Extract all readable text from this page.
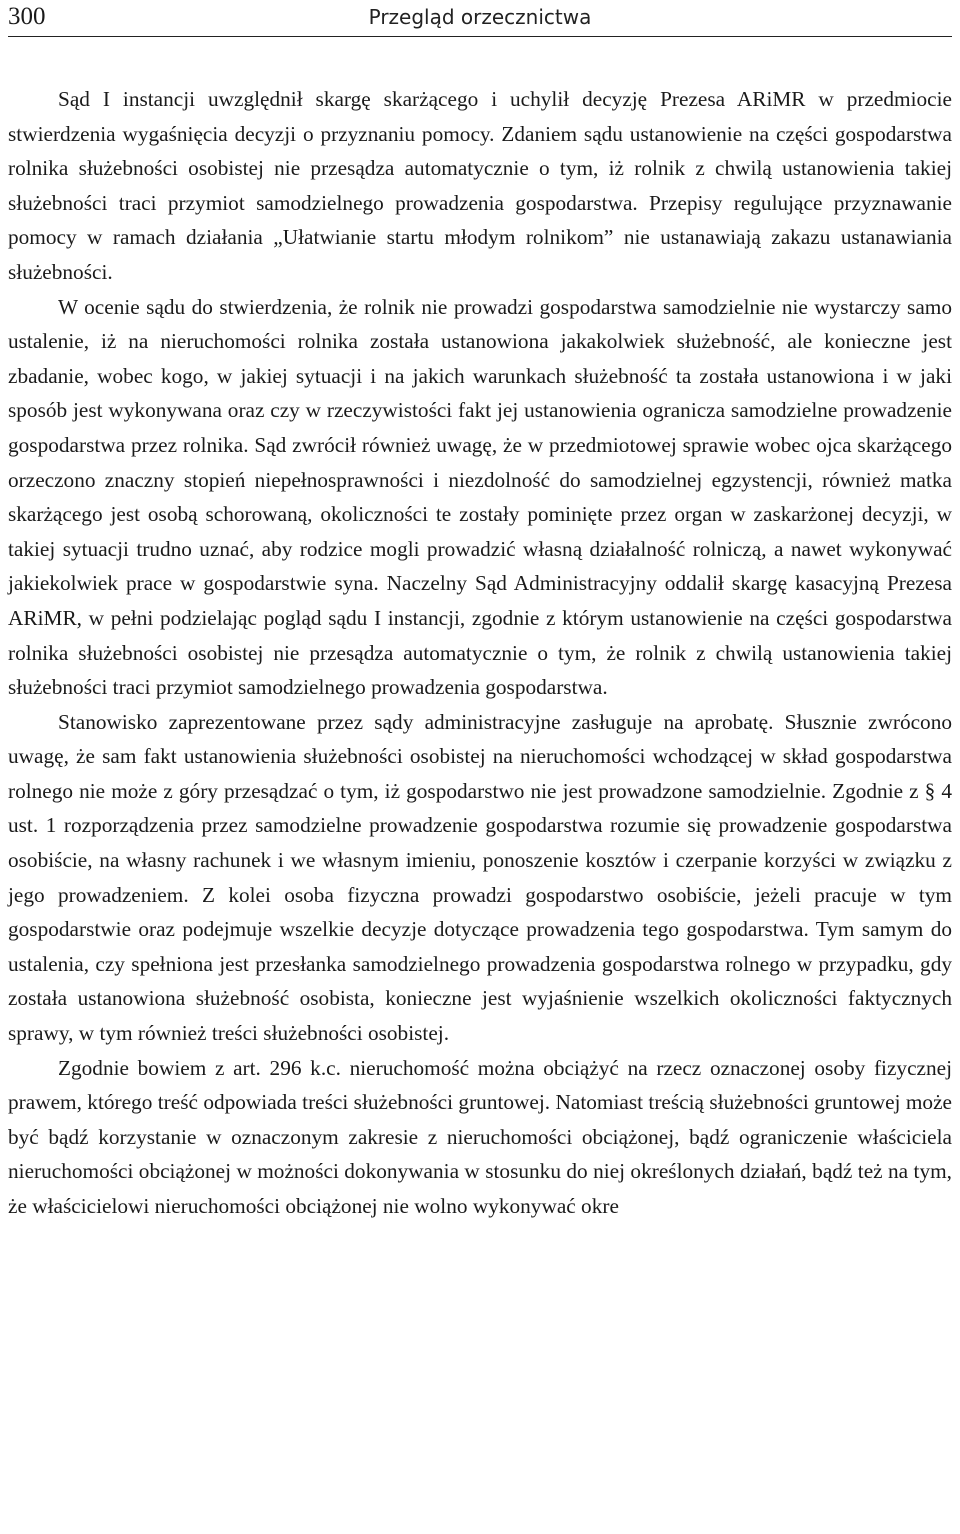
300	Przegląd orzecznictwa

Sąd I instancji uwzględnił skargę skarżącego i uchylił decyzję Prezesa ARiMR w przedmiocie stwierdzenia wygaśnięcia decyzji o przyznaniu pomocy. Zdaniem sądu ustanowienie na części gospodarstwa rolnika służebności osobistej nie przesądza automatycznie o tym, iż rolnik z chwilą ustanowienia takiej służebności traci przymiot samodzielnego prowadzenia gospodarstwa. Przepisy regulujące przyznawanie pomocy w ramach działania „Ułatwianie startu młodym rolnikom” nie ustanawiają zakazu ustanawiania służebności.

W ocenie sądu do stwierdzenia, że rolnik nie prowadzi gospodarstwa samodzielnie nie wystarczy samo ustalenie, iż na nieruchomości rolnika została ustanowiona jakakolwiek służebność, ale konieczne jest zbadanie, wobec kogo, w jakiej sytuacji i na jakich warunkach służebność ta została ustanowiona i w jaki sposób jest wykonywana oraz czy w rzeczywistości fakt jej ustanowienia ogranicza samodzielne prowadzenie gospodarstwa przez rolnika. Sąd zwrócił również uwagę, że w przedmiotowej sprawie wobec ojca skarżącego orzeczono znaczny stopień niepełnosprawności i niezdolność do samodzielnej egzystencji, również matka skarżącego jest osobą schorowaną, okoliczności te zostały pominięte przez organ w zaskarżonej decyzji, w takiej sytuacji trudno uznać, aby rodzice mogli prowadzić własną działalność rolniczą, a nawet wykonywać jakiekolwiek prace w gospodarstwie syna. Naczelny Sąd Administracyjny oddalił skargę kasacyjną Prezesa ARiMR, w pełni podzielając pogląd sądu I instancji, zgodnie z którym ustanowienie na części gospodarstwa rolnika służebności osobistej nie przesądza automatycznie o tym, że rolnik z chwilą ustanowienia takiej służebności traci przymiot samodzielnego prowadzenia gospodarstwa.

Stanowisko zaprezentowane przez sądy administracyjne zasługuje na aprobatę. Słusznie zwrócono uwagę, że sam fakt ustanowienia służebności osobistej na nieruchomości wchodzącej w skład gospodarstwa rolnego nie może z góry przesądzać o tym, iż gospodarstwo nie jest prowadzone samodzielnie. Zgodnie z § 4 ust. 1 rozporządzenia przez samodzielne prowadzenie gospodarstwa rozumie się prowadzenie gospodarstwa osobiście, na własny rachunek i we własnym imieniu, ponoszenie kosztów i czerpanie korzyści w związku z jego prowadzeniem. Z kolei osoba fizyczna prowadzi gospodarstwo osobiście, jeżeli pracuje w tym gospodarstwie oraz podejmuje wszelkie decyzje dotyczące prowadzenia tego gospodarstwa. Tym samym do ustalenia, czy spełniona jest przesłanka samodzielnego prowadzenia gospodarstwa rolnego w przypadku, gdy została ustanowiona służebność osobista, konieczne jest wyjaśnienie wszelkich okoliczności faktycznych sprawy, w tym również treści służebności osobistej.

Zgodnie bowiem z art. 296 k.c. nieruchomość można obciążyć na rzecz oznaczonej osoby fizycznej prawem, którego treść odpowiada treści służebności gruntowej. Natomiast treścią służebności gruntowej może być bądź korzystanie w oznaczonym zakresie z nieruchomości obciążonej, bądź ograniczenie właściciela nieruchomości obciążonej w możności dokonywania w stosunku do niej określonych działań, bądź też na tym, że właścicielowi nieruchomości obciążonej nie wolno wykonywać okre
